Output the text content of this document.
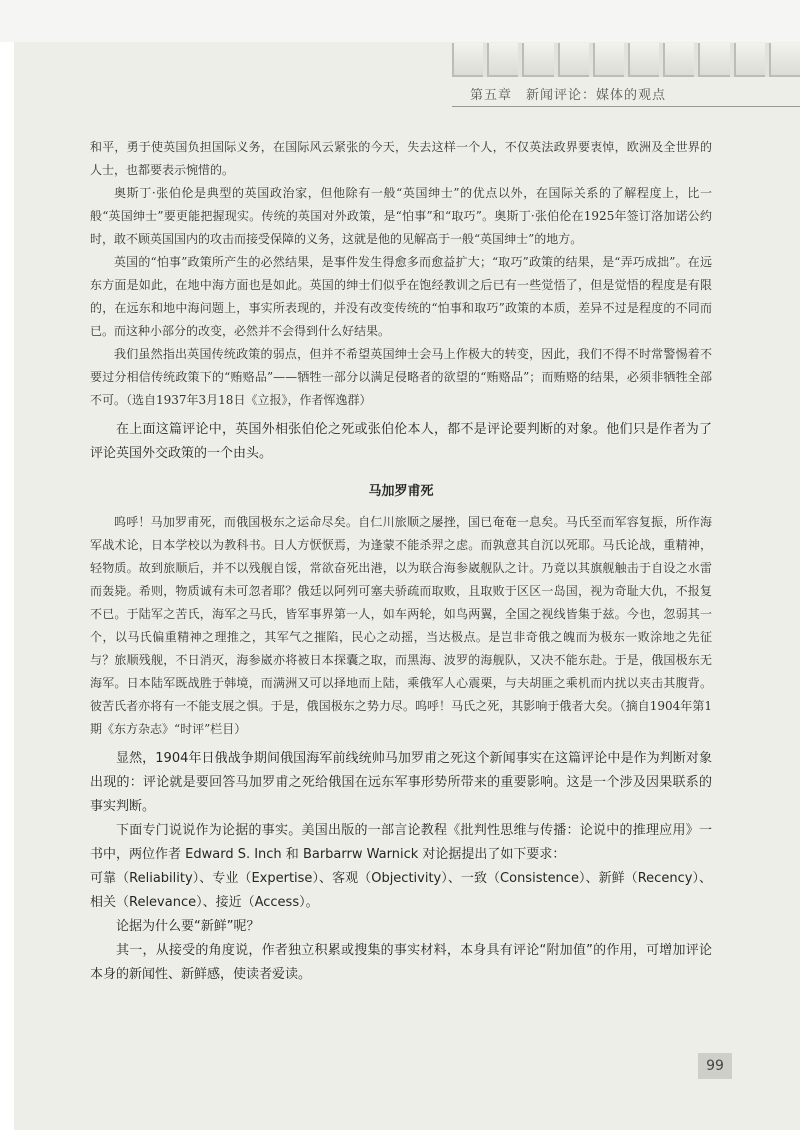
第五章　新闻评论：媒体的观点

和平，勇于使英国负担国际义务，在国际风云紧张的今天，失去这样一个人，不仅英法政界要衷悼，欧洲及全世界的人士，也都要表示惋惜的。

奥斯丁·张伯伦是典型的英国政治家，但他除有一般“英国绅士”的优点以外，在国际关系的了解程度上，比一般“英国绅士”要更能把握现实。传统的英国对外政策，是“怕事”和“取巧”。奥斯丁·张伯伦在1925年签订洛加诺公约时，敢不顾英国国内的攻击而接受保障的义务，这就是他的见解高于一般“英国绅士”的地方。

英国的“怕事”政策所产生的必然结果，是事件发生得愈多而愈益扩大；“取巧”政策的结果，是“弄巧成拙”。在远东方面是如此，在地中海方面也是如此。英国的绅士们似乎在饱经教训之后已有一些觉悟了，但是觉悟的程度是有限的，在远东和地中海问题上，事实所表现的，并没有改变传统的“怕事和取巧”政策的本质，差异不过是程度的不同而已。而这种小部分的改变，必然并不会得到什么好结果。

我们虽然指出英国传统政策的弱点，但并不希望英国绅士会马上作极大的转变，因此，我们不得不时常警惕着不要过分相信传统政策下的“贿赂品”——牺牲一部分以满足侵略者的欲望的“贿赂品”；而贿赂的结果，必须非牺牲全部不可。（选自1937年3月18日《立报》，作者恽逸群）

在上面这篇评论中，英国外相张伯伦之死或张伯伦本人，都不是评论要判断的对象。他们只是作者为了评论英国外交政策的一个由头。

马加罗甫死

呜呼！马加罗甫死，而俄国极东之运命尽矣。自仁川旅顺之屡挫，国已奄奄一息矣。马氏至而军容复振，所作海军战术论，日本学校以为教科书。日人方恹恹焉，为逢蒙不能杀羿之虑。而孰意其自沉以死耶。马氏论战，重精神，轻物质。故到旅顺后，并不以残舰自馁，常欲奋死出港，以为联合海参崴舰队之计。乃竟以其旗舰触击于自设之水雷而轰毙。希则，物质诚有未可忽者耶？俄廷以阿列可塞夫骄疏而取败，且取败于区区一岛国，视为奇耻大仇，不报复不已。于陆军之苦氏，海军之马氏，皆军事界第一人，如车两轮，如鸟两翼，全国之视线皆集于兹。今也，忽弱其一个，以马氏偏重精神之理推之，其军气之摧陷，民心之动摇，当达极点。是岂非奇俄之魄而为极东一败涂地之先征与？旅顺残舰，不日消灭，海参崴亦将被日本探囊之取，而黑海、波罗的海舰队，又决不能东赴。于是，俄国极东无海军。日本陆军既战胜于韩境，而满洲又可以择地而上陆，乘俄军人心震栗，与夫胡匪之乘机而内扰以夹击其腹背。彼苦氏者亦将有一不能支展之惧。于是，俄国极东之势力尽。呜呼！马氏之死，其影响于俄者大矣。（摘自1904年第1期《东方杂志》“时评”栏目）

显然，1904年日俄战争期间俄国海军前线统帅马加罗甫之死这个新闻事实在这篇评论中是作为判断对象出现的：评论就是要回答马加罗甫之死给俄国在远东军事形势所带来的重要影响。这是一个涉及因果联系的事实判断。

下面专门说说作为论据的事实。美国出版的一部言论教程《批判性思维与传播：论说中的推理应用》一书中，两位作者 Edward S. Inch 和 Barbarrw Warnick 对论据提出了如下要求：

可靠（Reliability）、专业（Expertise）、客观（Objectivity）、一致（Consistence）、新鲜（Recency）、相关（Relevance）、接近（Access）。

论据为什么要“新鲜”呢？

其一，从接受的角度说，作者独立积累或搜集的事实材料，本身具有评论“附加值”的作用，可增加评论本身的新闻性、新鲜感，使读者爱读。

99
